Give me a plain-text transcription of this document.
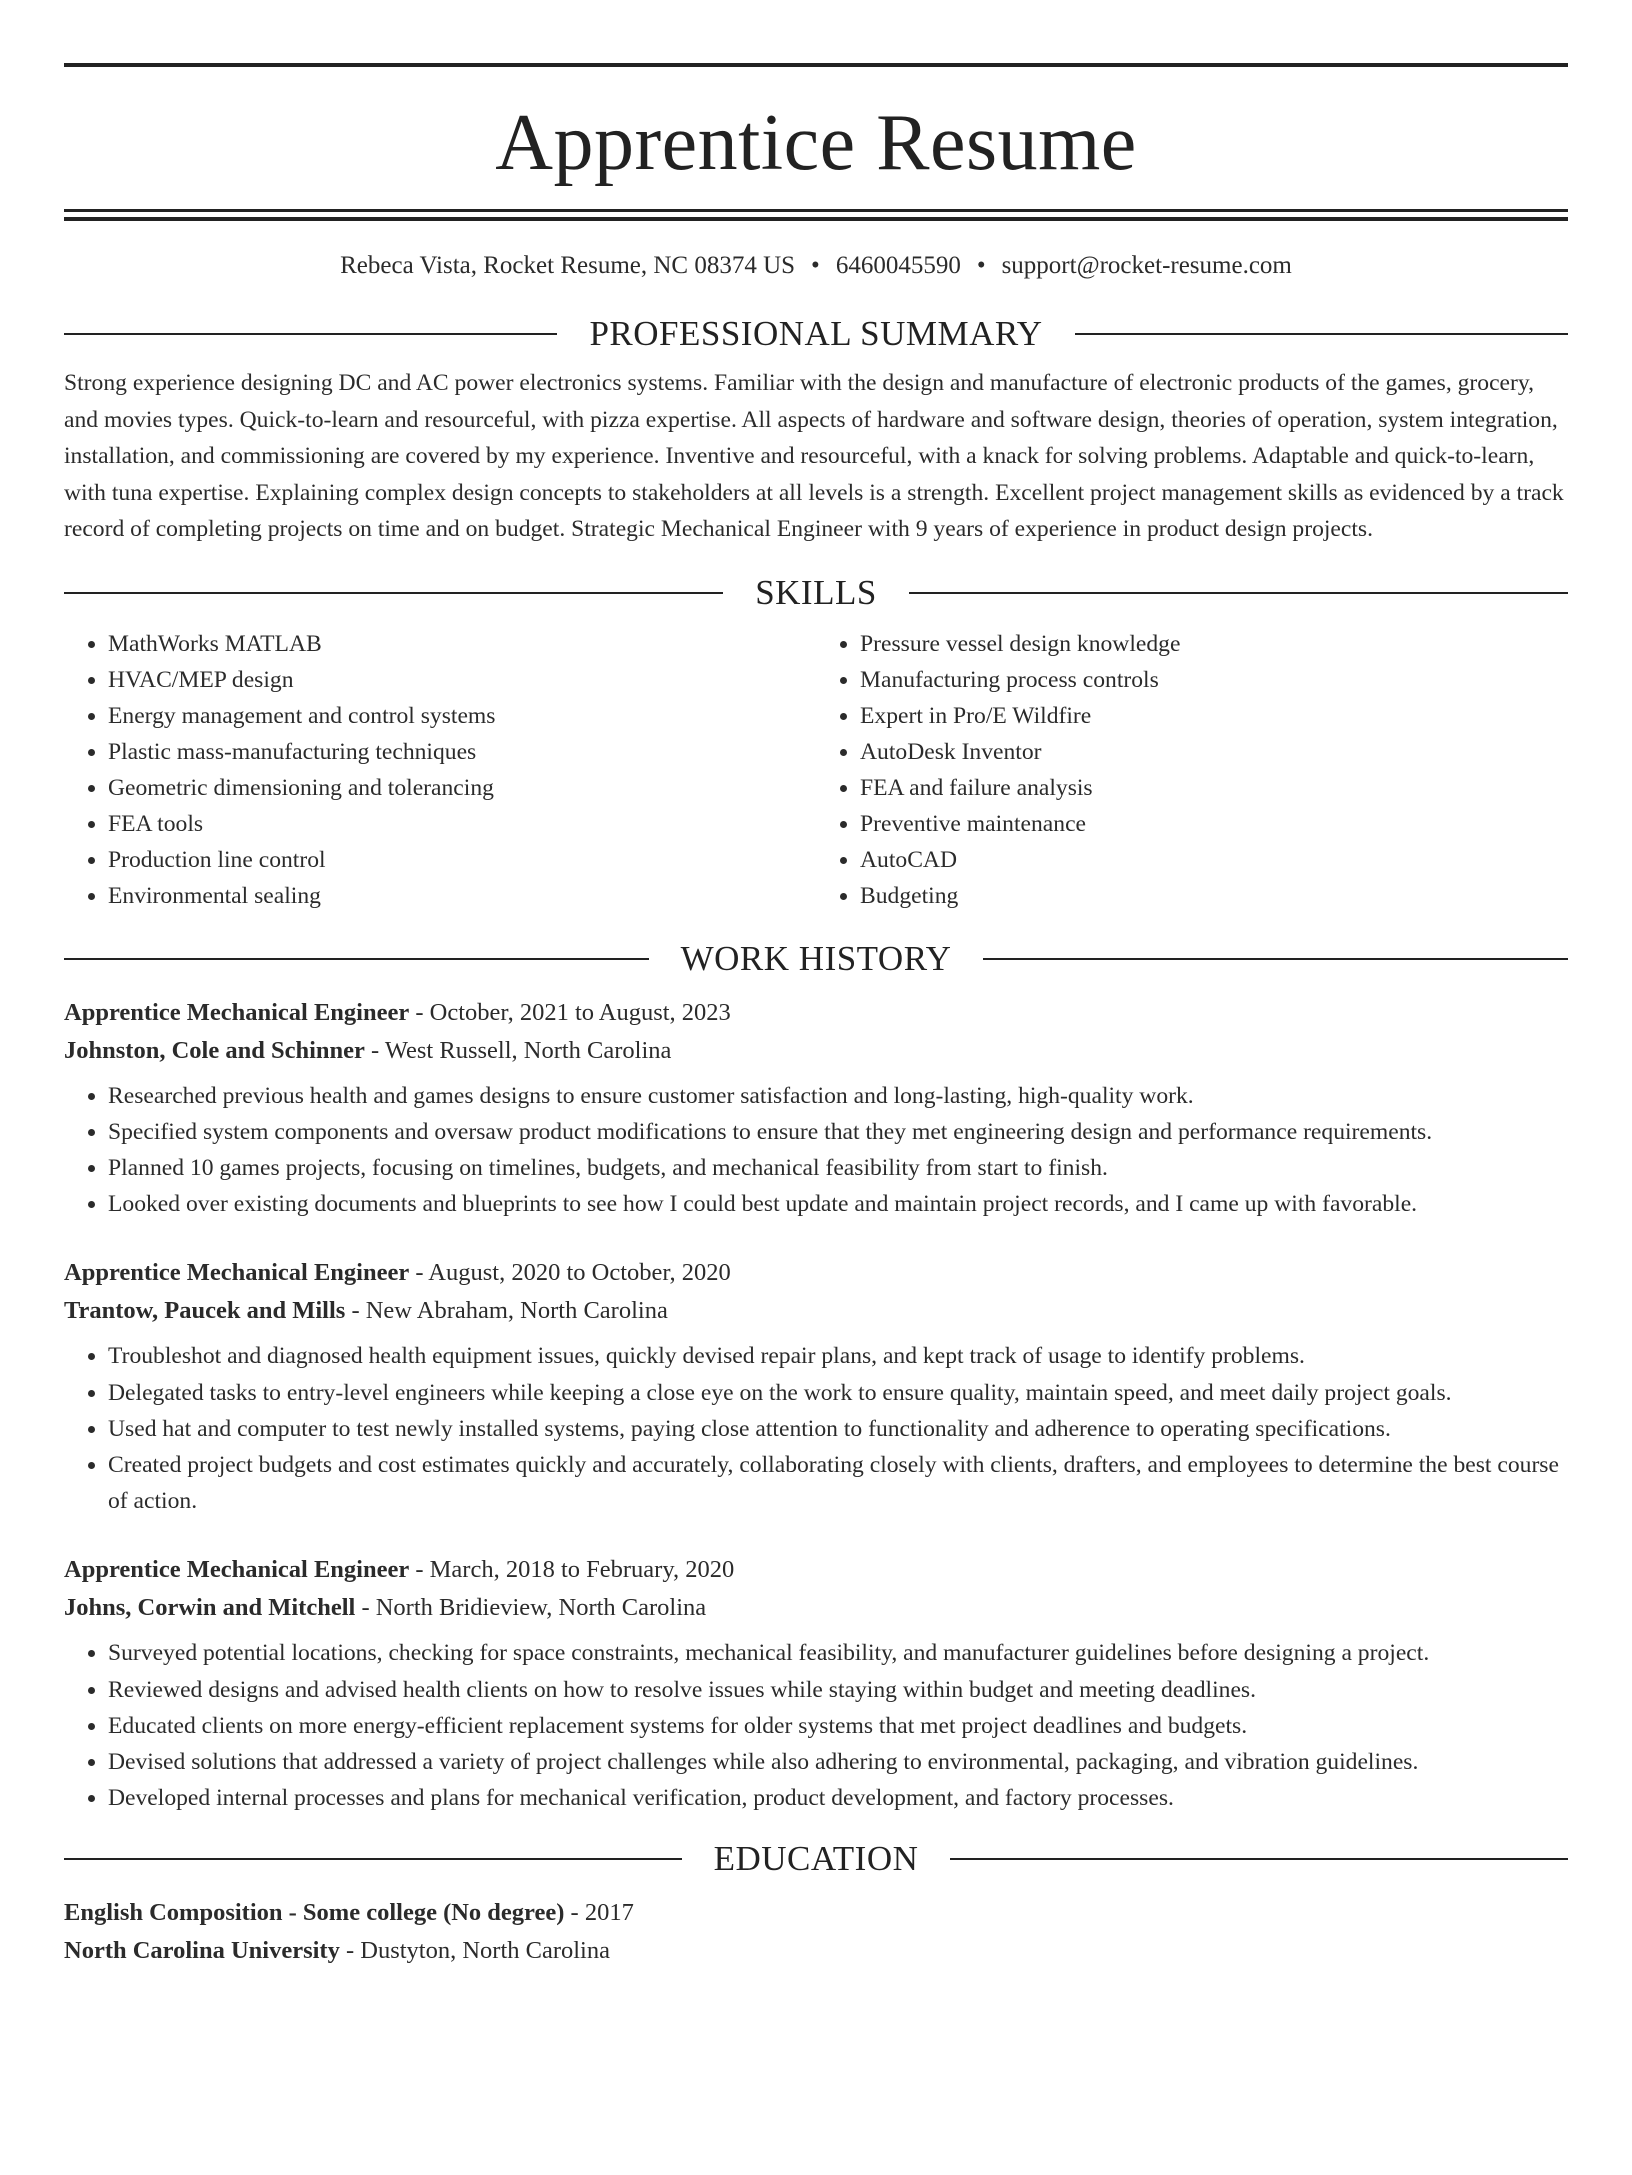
Apprentice Resume
Rebeca Vista, Rocket Resume, NC 08374 US • 6460045590 • support@rocket-resume.com
PROFESSIONAL SUMMARY

Strong experience designing DC and AC power electronics systems. Familiar with the design and manufacture of electronic products of the games, grocery, and movies types. Quick-to-learn and resourceful, with pizza expertise. All aspects of hardware and software design, theories of operation, system integration, installation, and commissioning are covered by my experience. Inventive and resourceful, with a knack for solving problems. Adaptable and quick-to-learn, with tuna expertise. Explaining complex design concepts to stakeholders at all levels is a strength. Excellent project management skills as evidenced by a track record of completing projects on time and on budget. Strategic Mechanical Engineer with 9 years of experience in product design projects.

SKILLS
• MathWorks MATLAB
• HVAC/MEP design
• Energy management and control systems
• Plastic mass-manufacturing techniques
• Geometric dimensioning and tolerancing
• FEA tools
• Production line control
• Environmental sealing
• Pressure vessel design knowledge
• Manufacturing process controls
• Expert in Pro/E Wildfire
• AutoDesk Inventor
• FEA and failure analysis
• Preventive maintenance
• AutoCAD
• Budgeting
WORK HISTORY
Apprentice Mechanical Engineer - October, 2021 to August, 2023
Johnston, Cole and Schinner - West Russell, North Carolina
• Researched previous health and games designs to ensure customer satisfaction and long-lasting, high-quality work.
• Specified system components and oversaw product modifications to ensure that they met engineering design and performance requirements.
• Planned 10 games projects, focusing on timelines, budgets, and mechanical feasibility from start to finish.
• Looked over existing documents and blueprints to see how I could best update and maintain project records, and I came up with favorable.
Apprentice Mechanical Engineer - August, 2020 to October, 2020
Trantow, Paucek and Mills - New Abraham, North Carolina
• Troubleshot and diagnosed health equipment issues, quickly devised repair plans, and kept track of usage to identify problems.
• Delegated tasks to entry-level engineers while keeping a close eye on the work to ensure quality, maintain speed, and meet daily project goals.
• Used hat and computer to test newly installed systems, paying close attention to functionality and adherence to operating specifications.
• Created project budgets and cost estimates quickly and accurately, collaborating closely with clients, drafters, and employees to determine the best course of action.
Apprentice Mechanical Engineer - March, 2018 to February, 2020
Johns, Corwin and Mitchell - North Bridieview, North Carolina
• Surveyed potential locations, checking for space constraints, mechanical feasibility, and manufacturer guidelines before designing a project.
• Reviewed designs and advised health clients on how to resolve issues while staying within budget and meeting deadlines.
• Educated clients on more energy-efficient replacement systems for older systems that met project deadlines and budgets.
• Devised solutions that addressed a variety of project challenges while also adhering to environmental, packaging, and vibration guidelines.
• Developed internal processes and plans for mechanical verification, product development, and factory processes.
EDUCATION
English Composition - Some college (No degree) - 2017
North Carolina University - Dustyton, North Carolina
